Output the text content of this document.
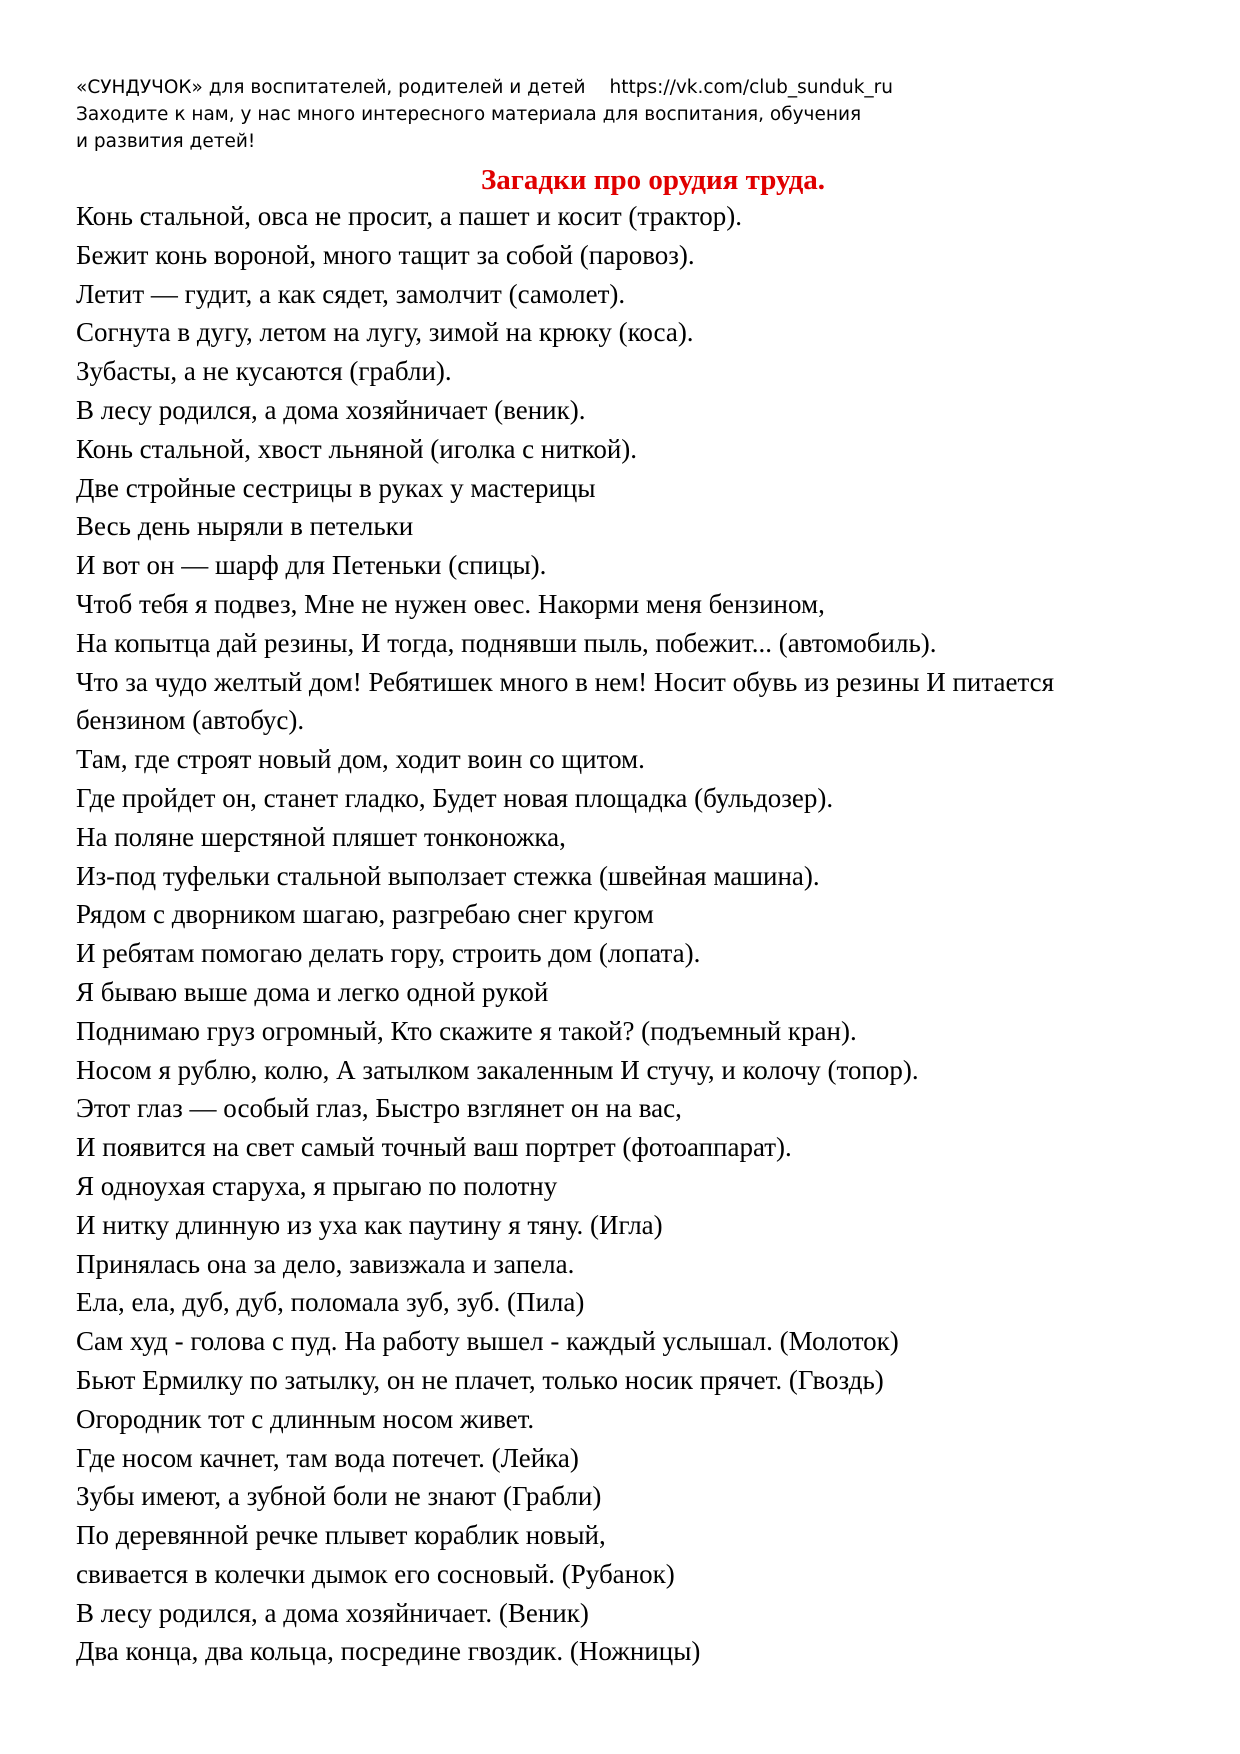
«СУНДУЧОК» для воспитателей, родителей и детей https://vk.com/club_sunduk_ru
Заходите к нам, у нас много интересного материала для воспитания, обучения
и развития детей!
Загадки про орудия труда.
Конь стальной, овса не просит, а пашет и косит (трактор).
Бежит конь вороной, много тащит за собой (паровоз).
Летит — гудит, а как сядет, замолчит (самолет).
Согнута в дугу, летом на лугу, зимой на крюку (коса).
Зубасты, а не кусаются (грабли).
В лесу родился, а дома хозяйничает (веник).
Конь стальной, хвост льняной (иголка с ниткой).
Две стройные сестрицы в руках у мастерицы
Весь день ныряли в петельки
И вот он — шарф для Петеньки (спицы).
Чтоб тебя я подвез, Мне не нужен овес. Накорми меня бензином,
На копытца дай резины, И тогда, поднявши пыль, побежит... (автомобиль).
Что за чудо желтый дом! Ребятишек много в нем! Носит обувь из резины И питается
бензином (автобус).
Там, где строят новый дом, ходит воин со щитом.
Где пройдет он, станет гладко, Будет новая площадка (бульдозер).
На поляне шерстяной пляшет тонконожка,
Из-под туфельки стальной выползает стежка (швейная машина).
Рядом с дворником шагаю, разгребаю снег кругом
И ребятам помогаю делать гору, строить дом (лопата).
Я бываю выше дома и легко одной рукой
Поднимаю груз огромный, Кто скажите я такой? (подъемный кран).
Носом я рублю, колю, А затылком закаленным И стучу, и колочу (топор).
Этот глаз — особый глаз, Быстро взглянет он на вас,
И появится на свет самый точный ваш портрет (фотоаппарат).
Я одноухая старуха, я прыгаю по полотну
И нитку длинную из уха как паутину я тяну. (Игла)
Принялась она за дело, завизжала и запела.
Ела, ела, дуб, дуб, поломала зуб, зуб. (Пила)
Сам худ - голова с пуд. На работу вышел - каждый услышал. (Молоток)
Бьют Ермилку по затылку, он не плачет, только носик прячет. (Гвоздь)
Огородник тот с длинным носом живет.
Где носом качнет, там вода потечет. (Лейка)
Зубы имеют, а зубной боли не знают (Грабли)
По деревянной речке плывет кораблик новый,
свивается в колечки дымок его сосновый. (Рубанок)
В лесу родился, а дома хозяйничает. (Веник)
Два конца, два кольца, посредине гвоздик. (Ножницы)
